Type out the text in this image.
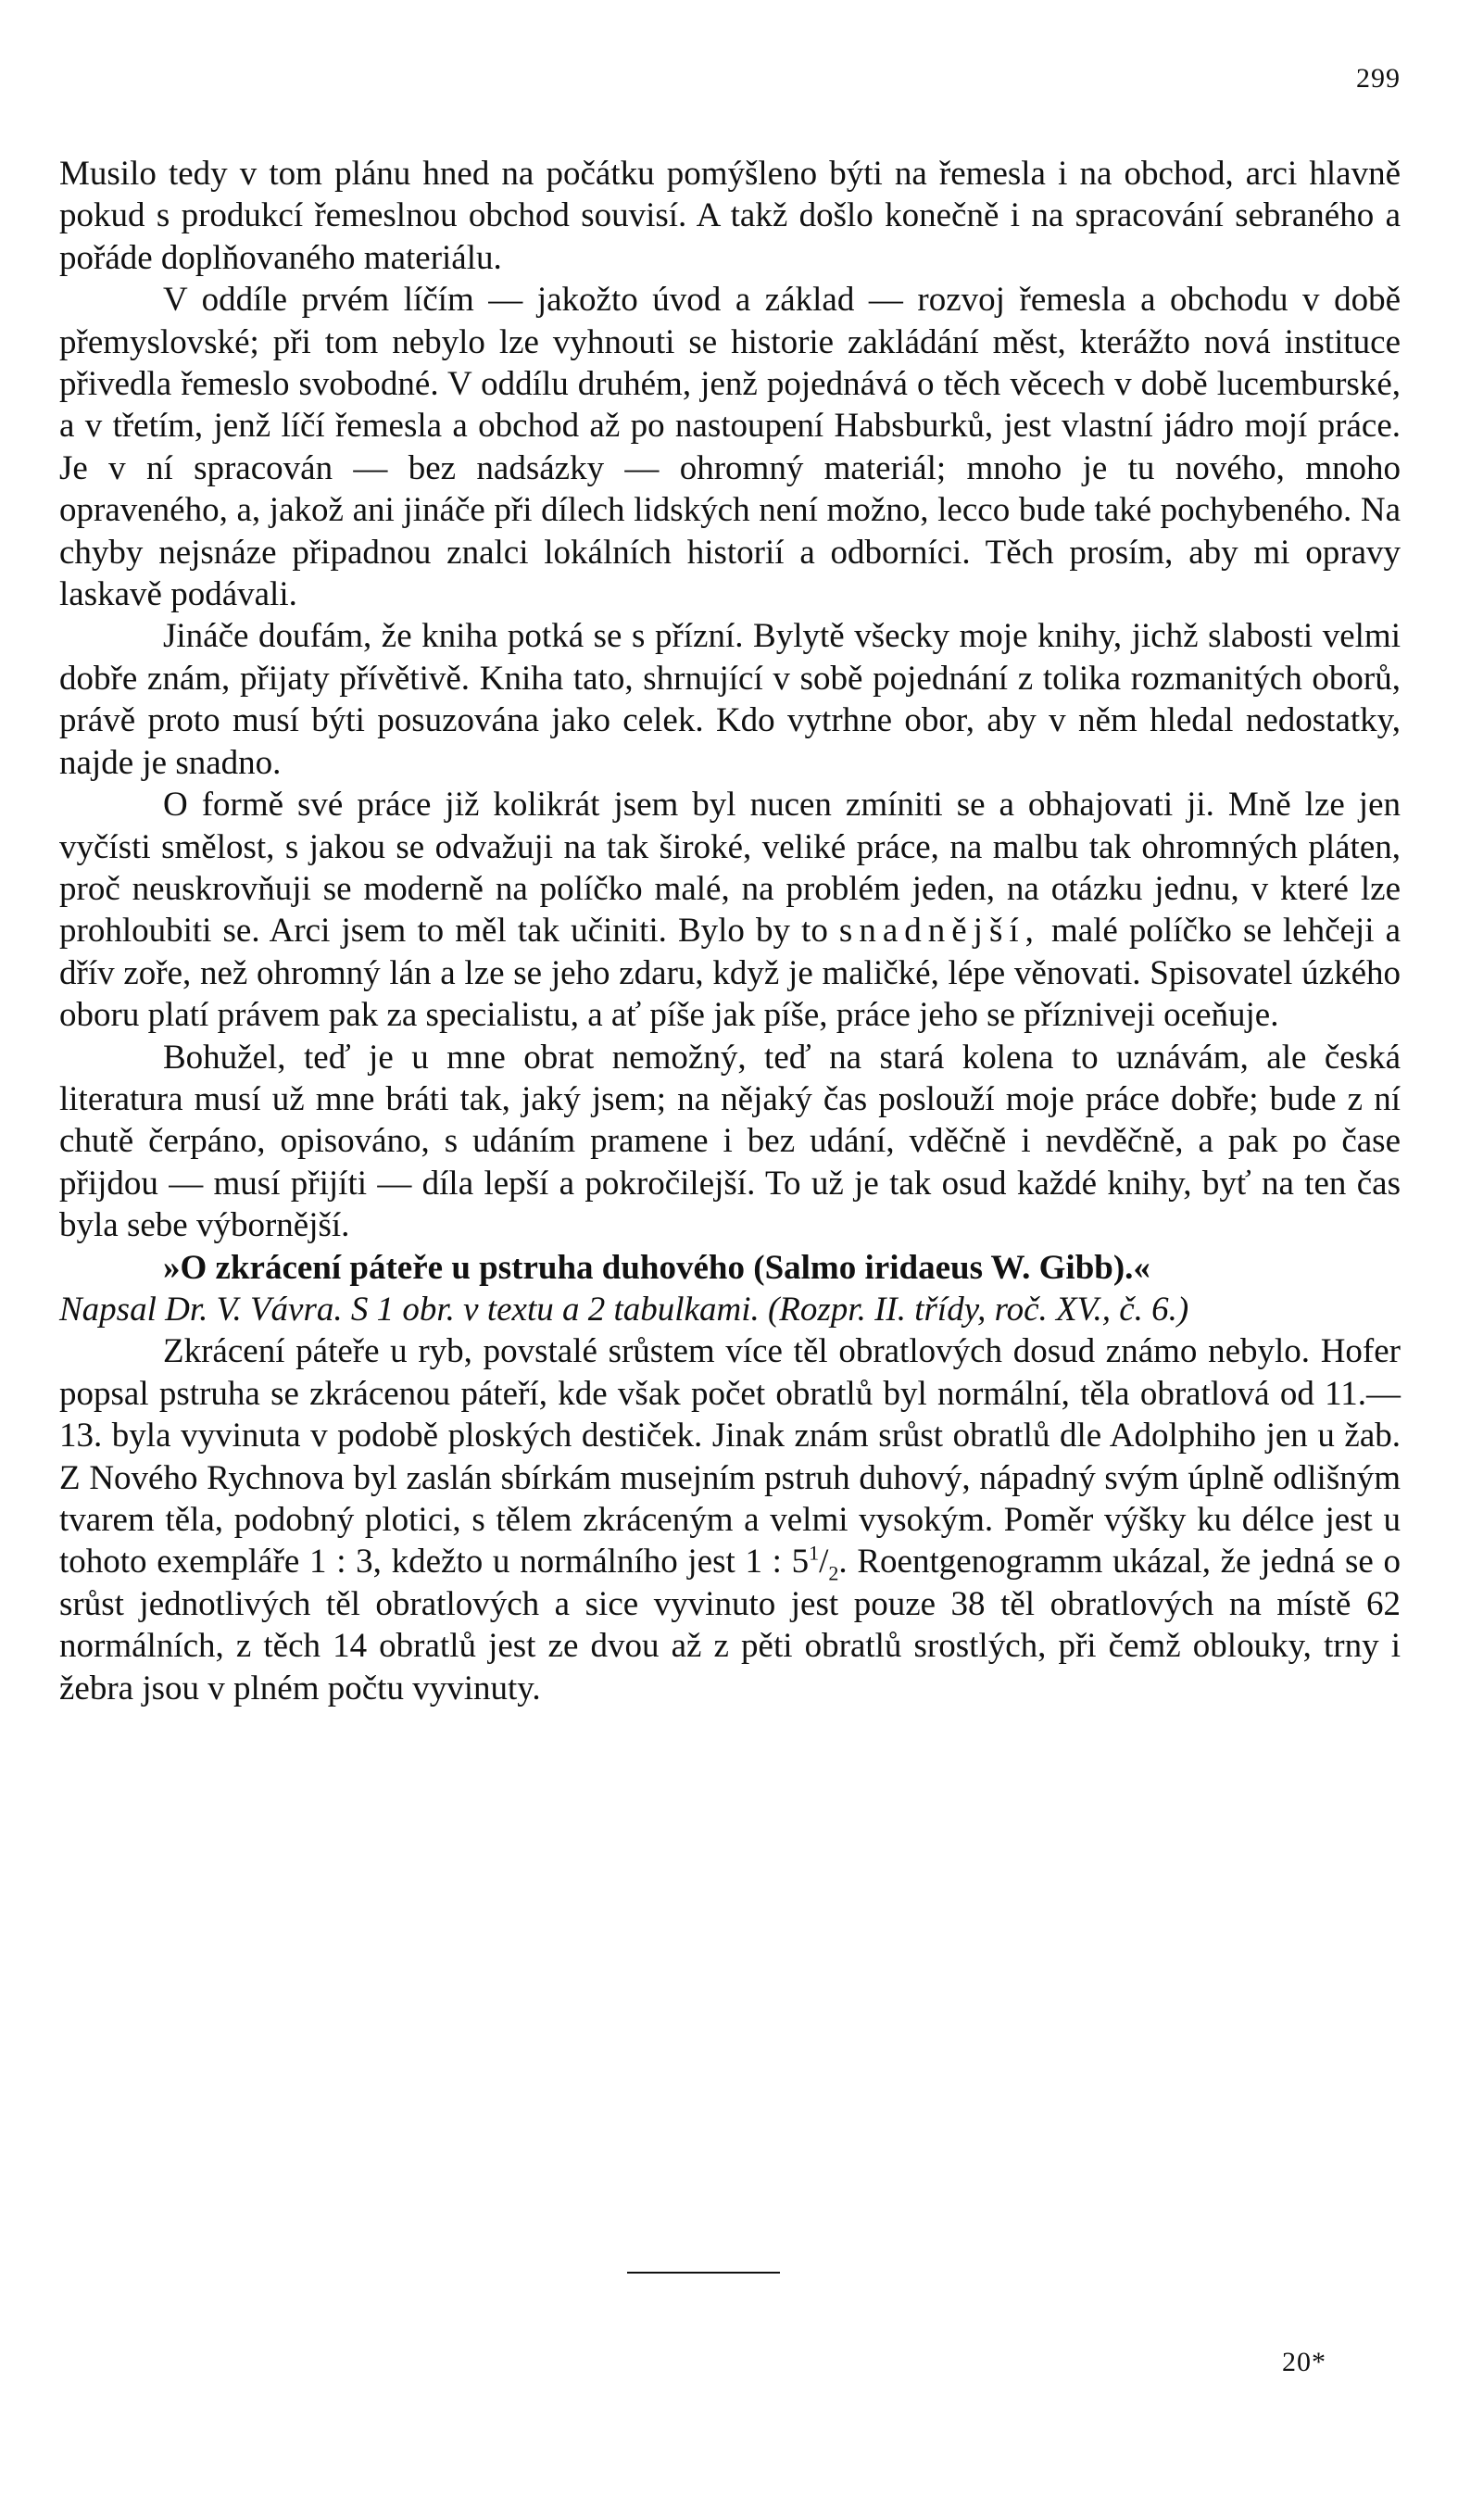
299

Musilo tedy v tom plánu hned na počátku pomýšleno býti na řemesla i na obchod, arci hlavně pokud s produkcí řemeslnou obchod souvisí. A takž došlo konečně i na spracování sebraného a pořáde doplňovaného materiálu.

V oddíle prvém líčím — jakožto úvod a základ — rozvoj řemesla a obchodu v době přemyslovské; při tom nebylo lze vyhnouti se historie zakládání měst, kterážto nová instituce přivedla řemeslo svobodné. V oddílu druhém, jenž pojednává o těch věcech v době lucemburské, a v třetím, jenž líčí řemesla a obchod až po nastoupení Habsburků, jest vlastní jádro mojí práce. Je v ní spracován — bez nadsázky — ohromný materiál; mnoho je tu nového, mnoho opraveného, a, jakož ani jináče při dílech lidských není možno, lecco bude také pochybeného. Na chyby nejsnáze připadnou znalci lokálních historií a odborníci. Těch prosím, aby mi opravy laskavě podávali.

Jináče doufám, že kniha potká se s přízní. Bylytě všecky moje knihy, jichž slabosti velmi dobře znám, přijaty přívětivě. Kniha tato, shrnující v sobě pojednání z tolika rozmanitých oborů, právě proto musí býti posuzována jako celek. Kdo vytrhne obor, aby v něm hledal nedostatky, najde je snadno.

O formě své práce již kolikrát jsem byl nucen zmíniti se a obhajovati ji. Mně lze jen vyčísti smělost, s jakou se odvažuji na tak široké, veliké práce, na malbu tak ohromných pláten, proč neuskrovňuji se moderně na políčko malé, na problém jeden, na otázku jednu, v které lze prohloubiti se. Arci jsem to měl tak učiniti. Bylo by to snadnější, malé políčko se lehčeji a dřív zoře, než ohromný lán a lze se jeho zdaru, když je maličké, lépe věnovati. Spisovatel úzkého oboru platí právem pak za specialistu, a ať píše jak píše, práce jeho se přízniveji oceňuje.

Bohužel, teď je u mne obrat nemožný, teď na stará kolena to uznávám, ale česká literatura musí už mne bráti tak, jaký jsem; na nějaký čas poslouží moje práce dobře; bude z ní chutě čerpáno, opisováno, s udáním pramene i bez udání, vděčně i nevděčně, a pak po čase přijdou — musí přijíti — díla lepší a pokročilejší. To už je tak osud každé knihy, byť na ten čas byla sebe výbornější.

»O zkrácení páteře u pstruha duhového (Salmo iridaeus W. Gibb).«

Napsal Dr. V. Vávra. S 1 obr. v textu a 2 tabulkami. (Rozpr. II. třídy, roč. XV., č. 6.)

Zkrácení páteře u ryb, povstalé srůstem více těl obratlových dosud známo nebylo. Hofer popsal pstruha se zkrácenou páteří, kde však počet obratlů byl normální, těla obratlová od 11.—13. byla vyvinuta v podobě ploských destiček. Jinak znám srůst obratlů dle Adolphiho jen u žab. Z Nového Rychnova byl zaslán sbírkám musejním pstruh duhový, nápadný svým úplně odlišným tvarem těla, podobný plotici, s tělem zkráceným a velmi vysokým. Poměr výšky ku délce jest u tohoto exempláře 1 : 3, kdežto u normálního jest 1 : $5^1/_2$. Roentgenogramm ukázal, že jedná se o srůst jednotlivých těl obratlových a sice vyvinuto jest pouze 38 těl obratlových na místě 62 normálních, z těch 14 obratlů jest ze dvou až z pěti obratlů srostlých, při čemž oblouky, trny i žebra jsou v plném počtu vyvinuty.

20*
